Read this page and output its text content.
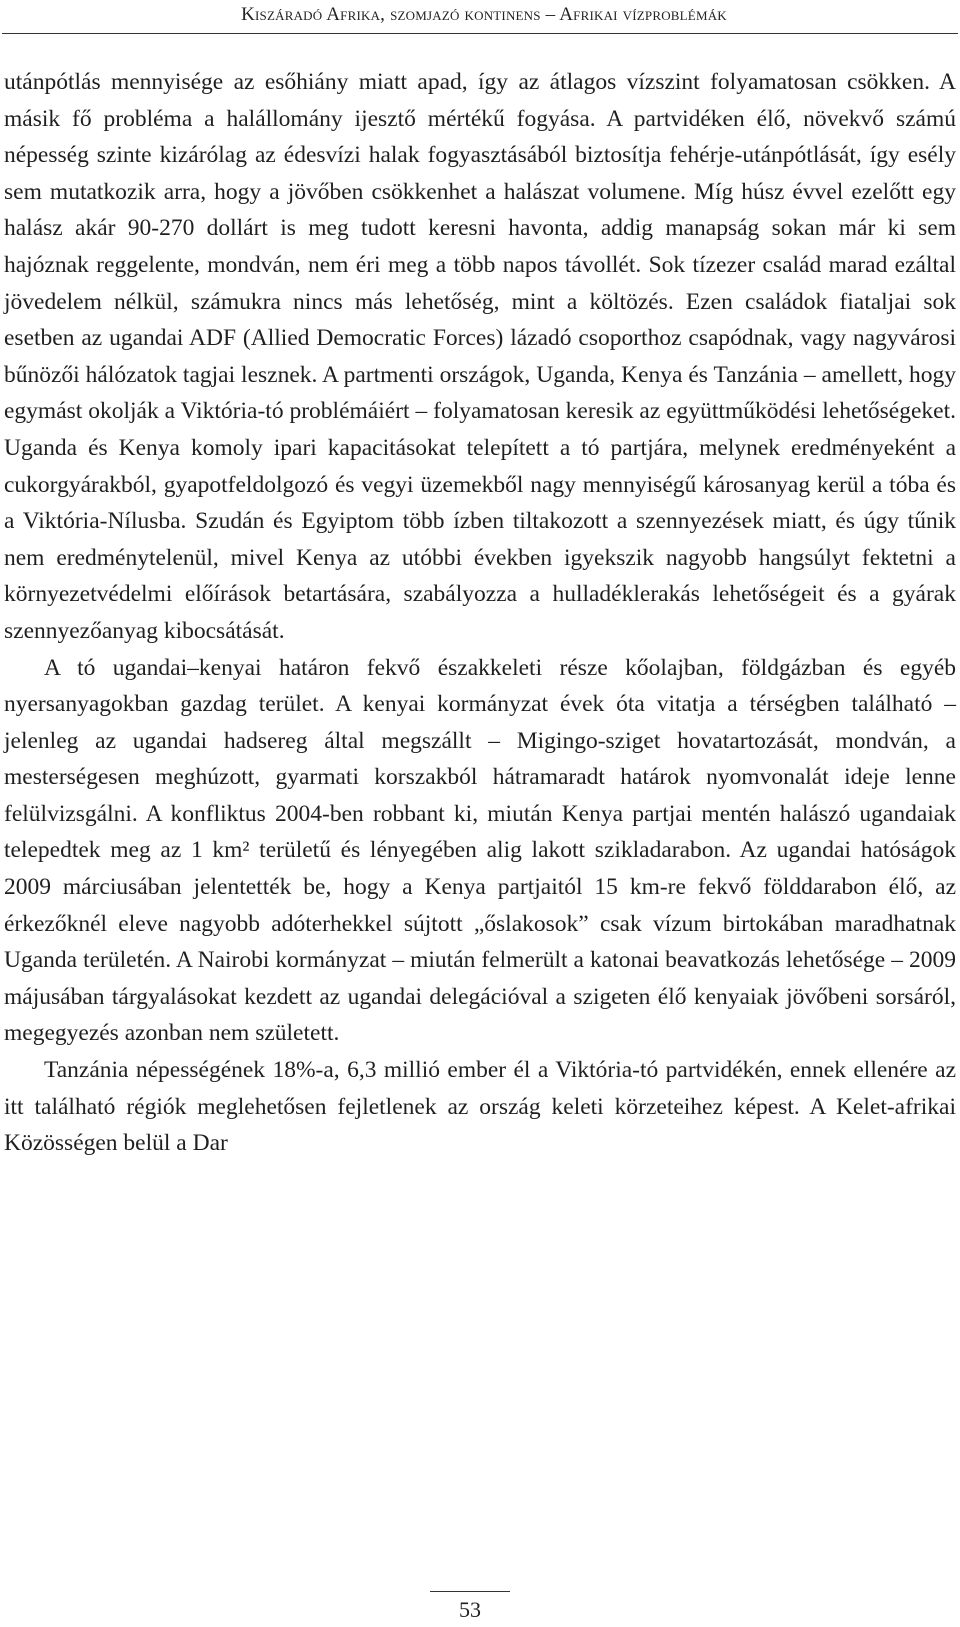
Kiszáradó Afrika, szomjazó kontinens – Afrikai vízproblémák

utánpótlás mennyisége az esőhiány miatt apad, így az átlagos vízszint folyamatosan csökken. A másik fő probléma a halállomány ijesztő mértékű fogyása. A partvidéken élő, növekvő számú népesség szinte kizárólag az édesvízi halak fogyasztásából biztosítja fehérje-utánpótlását, így esély sem mutatkozik arra, hogy a jövőben csökkenhet a halászat volumene. Míg húsz évvel ezelőtt egy halász akár 90-270 dollárt is meg tudott keresni havonta, addig manapság sokan már ki sem hajóznak reggelente, mondván, nem éri meg a több napos távollét. Sok tízezer család marad ezáltal jövedelem nélkül, számukra nincs más lehetőség, mint a költözés. Ezen családok fiataljai sok esetben az ugandai ADF (Allied Democratic Forces) lázadó csoporthoz csapódnak, vagy nagyvárosi bűnözői hálózatok tagjai lesznek. A partmenti országok, Uganda, Kenya és Tanzánia – amellett, hogy egymást okolják a Viktória-tó problémáiért – folyamatosan keresik az együttműködési lehetőségeket. Uganda és Kenya komoly ipari kapacitásokat telepített a tó partjára, melynek eredményeként a cukorgyárakból, gyapotfeldolgozó és vegyi üzemekből nagy mennyiségű károsanyag kerül a tóba és a Viktória-Nílusba. Szudán és Egyiptom több ízben tiltakozott a szennyezések miatt, és úgy tűnik nem eredménytelenül, mivel Kenya az utóbbi években igyekszik nagyobb hangsúlyt fektetni a környezetvédelmi előírások betartására, szabályozza a hulladéklerakás lehetőségeit és a gyárak szennyezőanyag kibocsátását.

A tó ugandai–kenyai határon fekvő északkeleti része kőolajban, földgázban és egyéb nyersanyagokban gazdag terület. A kenyai kormányzat évek óta vitatja a térségben található – jelenleg az ugandai hadsereg által megszállt – Migingo-sziget hovatartozását, mondván, a mesterségesen meghúzott, gyarmati korszakból hátramaradt határok nyomvonalát ideje lenne felülvizsgálni. A konfliktus 2004-ben robbant ki, miután Kenya partjai mentén halászó ugandaiak telepedtek meg az 1 km² területű és lényegében alig lakott szikladarabon. Az ugandai hatóságok 2009 márciusában jelentették be, hogy a Kenya partjaitól 15 km-re fekvő földdarabon élő, az érkezőknél eleve nagyobb adóterhekkel sújtott „őslakosok” csak vízum birtokában maradhatnak Uganda területén. A Nairobi kormányzat – miután felmerült a katonai beavatkozás lehetősége – 2009 májusában tárgyalásokat kezdett az ugandai delegációval a szigeten élő kenyaiak jövőbeni sorsáról, megegyezés azonban nem született.

Tanzánia népességének 18%-a, 6,3 millió ember él a Viktória-tó partvidékén, ennek ellenére az itt található régiók meglehetősen fejletlenek az ország keleti körzeteihez képest. A Kelet-afrikai Közösségen belül a Dar

53
